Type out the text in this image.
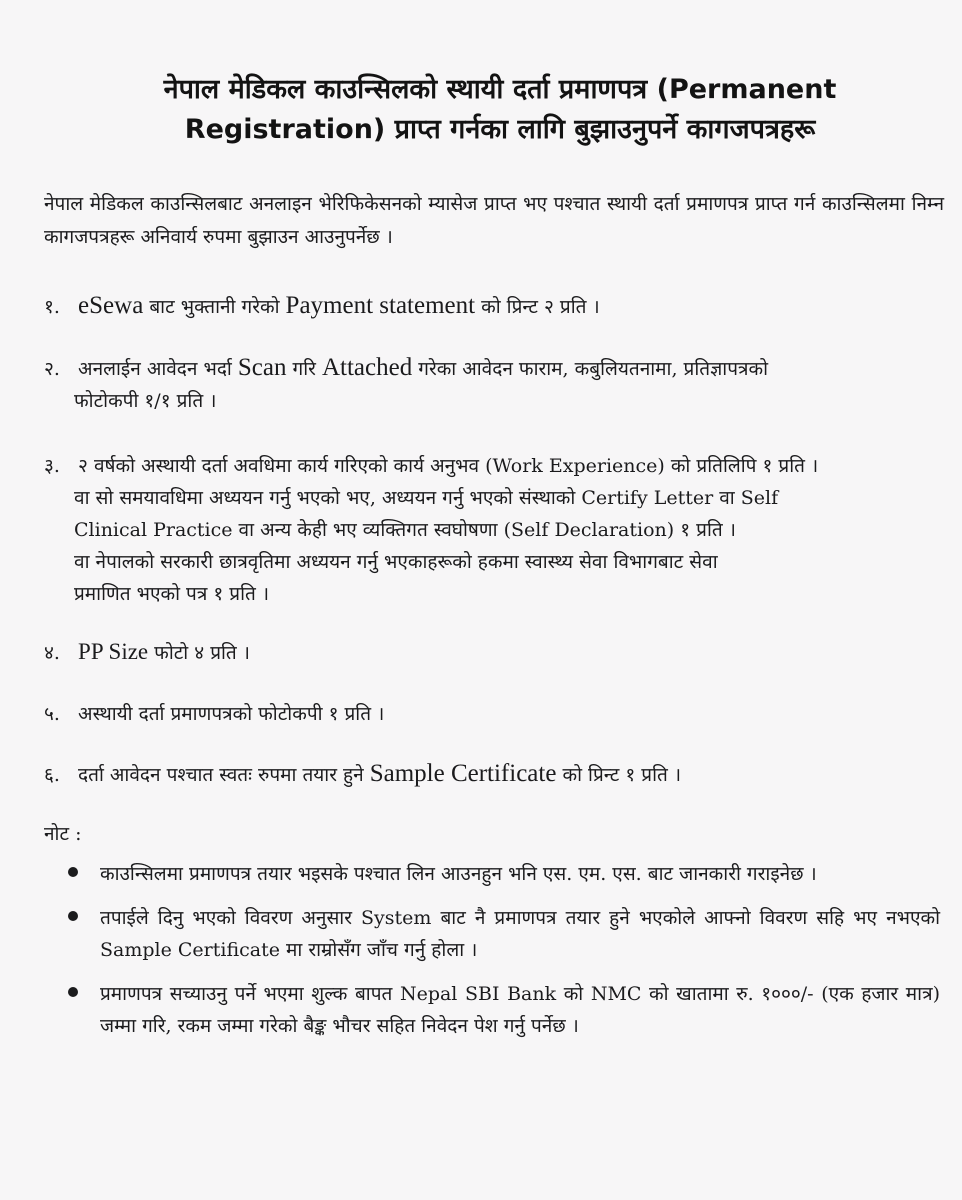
नेपाल मेडिकल काउन्सिलको स्थायी दर्ता प्रमाणपत्र (Permanent
Registration) प्राप्त गर्नका लागि बुझाउनुपर्ने कागजपत्रहरू
नेपाल मेडिकल काउन्सिलबाट अनलाइन भेरिफिकेसनको म्यासेज प्राप्त भए पश्चात स्थायी दर्ता प्रमाणपत्र प्राप्त गर्न काउन्सिलमा निम्न कागजपत्रहरू अनिवार्य रुपमा बुझाउन आउनुपर्नेछ ।
१. eSewa बाट भुक्तानी गरेको Payment statement को प्रिन्ट २ प्रति ।
२. अनलाईन आवेदन भर्दा Scan गरि Attached गरेका आवेदन फाराम, कबुलियतनामा, प्रतिज्ञापत्रको
फोटोकपी १/१ प्रति ।
३. २ वर्षको अस्थायी दर्ता अवधिमा कार्य गरिएको कार्य अनुभव (Work Experience) को प्रतिलिपि १ प्रति ।
वा सो समयावधिमा अध्ययन गर्नु भएको भए, अध्ययन गर्नु भएको संस्थाको Certify Letter वा Self
Clinical Practice वा अन्य केही भए व्यक्तिगत स्वघोषणा (Self Declaration) १ प्रति ।
वा नेपालको सरकारी छात्रवृतिमा अध्ययन गर्नु भएकाहरूको हकमा स्वास्थ्य सेवा विभागबाट सेवा
प्रमाणित भएको पत्र १ प्रति ।
४. PP Size फोटो ४ प्रति ।
५. अस्थायी दर्ता प्रमाणपत्रको फोटोकपी १ प्रति ।
६. दर्ता आवेदन पश्चात स्वतः रुपमा तयार हुने Sample Certificate को प्रिन्ट १ प्रति ।
नोट :
काउन्सिलमा प्रमाणपत्र तयार भइसके पश्चात लिन आउनहुन भनि एस. एम. एस. बाट जानकारी गराइनेछ ।
तपाईले दिनु भएको विवरण अनुसार System बाट नै प्रमाणपत्र तयार हुने भएकोले आफ्नो विवरण सहि भए नभएको Sample Certificate मा राम्रोसँग जाँच गर्नु होला ।
प्रमाणपत्र सच्याउनु पर्ने भएमा शुल्क बापत Nepal SBI Bank को NMC को खातामा रु. १०००/- (एक हजार मात्र) जम्मा गरि, रकम जम्मा गरेको बैङ्क भौचर सहित निवेदन पेश गर्नु पर्नेछ ।
